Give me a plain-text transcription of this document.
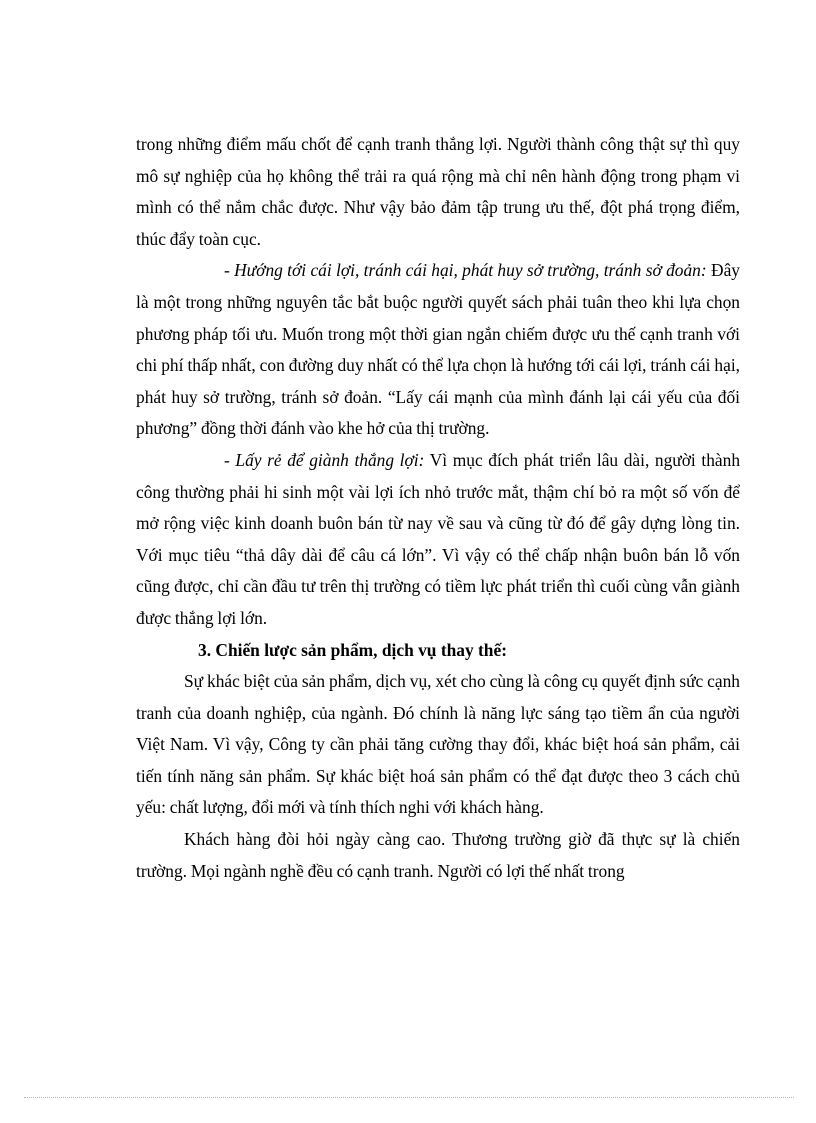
trong những điểm mấu chốt để cạnh tranh thắng lợi. Người thành công thật sự thì quy mô sự nghiệp của họ không thể trải ra quá rộng mà chỉ nên hành động trong phạm vi mình có thể nắm chắc được. Như vậy bảo đảm tập trung ưu thế, đột phá trọng điểm, thúc đẩy toàn cục.

- Hướng tới cái lợi, tránh cái hại, phát huy sở trường, tránh sở đoản: Đây là một trong những nguyên tắc bắt buộc người quyết sách phải tuân theo khi lựa chọn phương pháp tối ưu. Muốn trong một thời gian ngắn chiếm được ưu thế cạnh tranh với chi phí thấp nhất, con đường duy nhất có thể lựa chọn là hướng tới cái lợi, tránh cái hại, phát huy sở trường, tránh sở đoản. “Lấy cái mạnh của mình đánh lại cái yếu của đối phương” đồng thời đánh vào khe hở của thị trường.

- Lấy rẻ để giành thắng lợi: Vì mục đích phát triển lâu dài, người thành công thường phải hi sinh một vài lợi ích nhỏ trước mắt, thậm chí bỏ ra một số vốn để mở rộng việc kinh doanh buôn bán từ nay về sau và cũng từ đó để gây dựng lòng tin. Với mục tiêu “thả dây dài để câu cá lớn”. Vì vậy có thể chấp nhận buôn bán lỗ vốn cũng được, chỉ cần đầu tư trên thị trường có tiềm lực phát triển thì cuối cùng vẫn giành được thắng lợi lớn.

3. Chiến lược sản phẩm, dịch vụ thay thế:

Sự khác biệt của sản phẩm, dịch vụ, xét cho cùng là công cụ quyết định sức cạnh tranh của doanh nghiệp, của ngành. Đó chính là năng lực sáng tạo tiềm ẩn của người Việt Nam. Vì vậy, Công ty cần phải tăng cường thay đổi, khác biệt hoá sản phẩm, cải tiến tính năng sản phẩm. Sự khác biệt hoá sản phẩm có thể đạt được theo 3 cách chủ yếu: chất lượng, đổi mới và tính thích nghi với khách hàng.

Khách hàng đòi hỏi ngày càng cao. Thương trường giờ đã thực sự là chiến trường. Mọi ngành nghề đều có cạnh tranh. Người có lợi thế nhất trong
